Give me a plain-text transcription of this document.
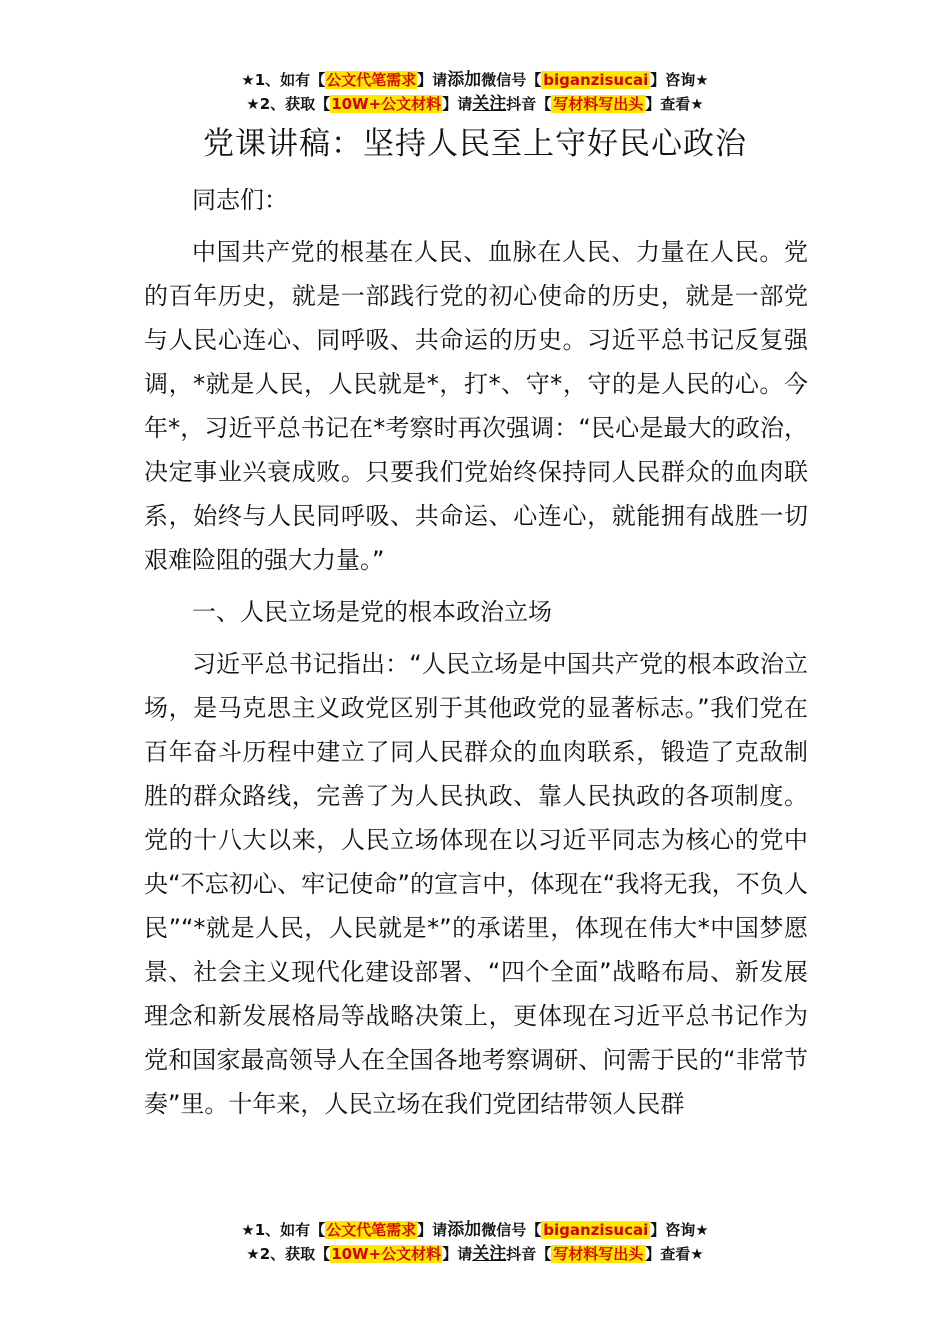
★1、如有【公文代笔需求】请添加微信号【 biganzisucai 】咨询★
★2、获取【10W+公文材料】请关注抖音【 写材料写出头 】查看★
党课讲稿：坚持人民至上守好民心政治

同志们：

中国共产党的根基在人民、血脉在人民、力量在人民。党的百年历史，就是一部践行党的初心使命的历史，就是一部党与人民心连心、同呼吸、共命运的历史。习近平总书记反复强调，*就是人民，人民就是*，打*、守*，守的是人民的心。今年*，习近平总书记在*考察时再次强调：“民心是最大的政治，决定事业兴衰成败。只要我们党始终保持同人民群众的血肉联系，始终与人民同呼吸、共命运、心连心，就能拥有战胜一切艰难险阻的强大力量。”

一、人民立场是党的根本政治立场

习近平总书记指出：“人民立场是中国共产党的根本政治立场，是马克思主义政党区别于其他政党的显著标志。”我们党在百年奋斗历程中建立了同人民群众的血肉联系，锻造了克敌制胜的群众路线，完善了为人民执政、靠人民执政的各项制度。党的十八大以来，人民立场体现在以习近平同志为核心的党中央“不忘初心、牢记使命”的宣言中，体现在“我将无我，不负人民”“*就是人民，人民就是*”的承诺里，体现在伟大*中国梦愿景、社会主义现代化建设部署、“四个全面”战略布局、新发展理念和新发展格局等战略决策上，更体现在习近平总书记作为党和国家最高领导人在全国各地考察调研、问需于民的“非常节奏”里。十年来，人民立场在我们党团结带领人民群

★1、如有【公文代笔需求】请添加微信号【 biganzisucai 】咨询★
★2、获取【10W+公文材料】请关注抖音【 写材料写出头 】查看★
